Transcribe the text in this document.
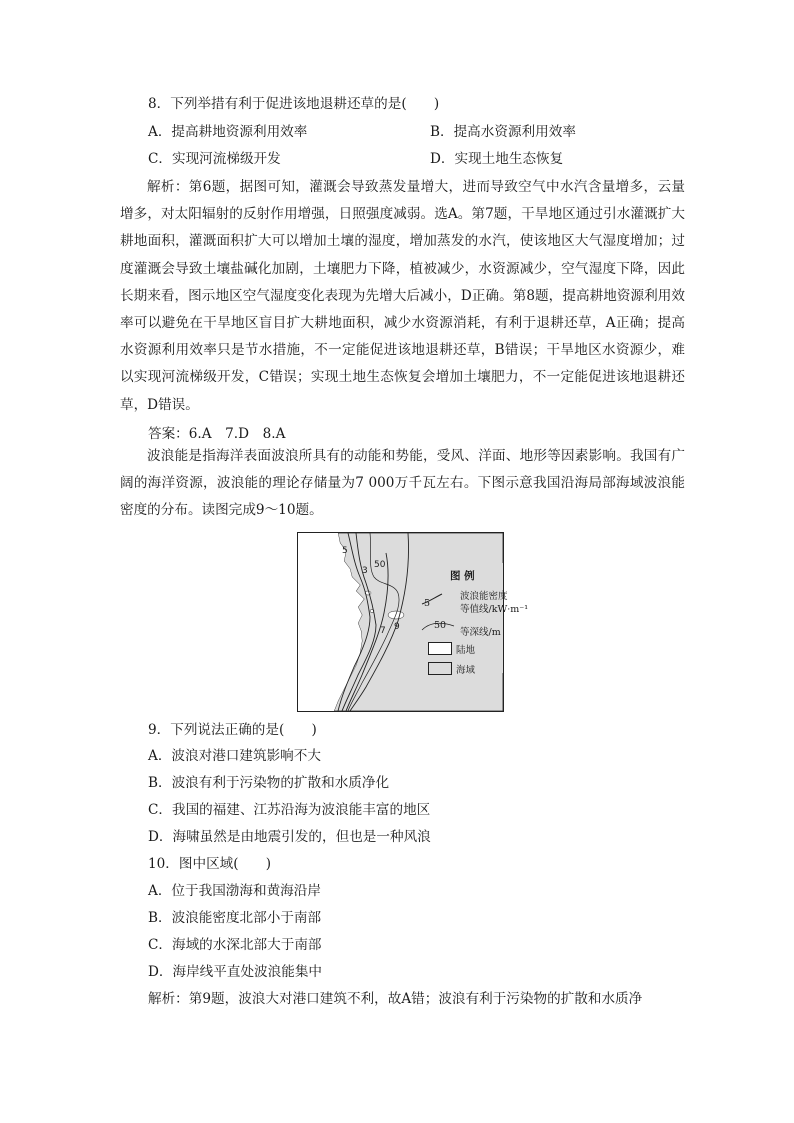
8．下列举措有利于促进该地退耕还草的是(　　)
A．提高耕地资源利用效率	B．提高水资源利用效率
C．实现河流梯级开发	D．实现土地生态恢复
解析：第6题，据图可知，灌溉会导致蒸发量增大，进而导致空气中水汽含量增多，云量增多，对太阳辐射的反射作用增强，日照强度减弱。选A。第7题，干旱地区通过引水灌溉扩大耕地面积，灌溉面积扩大可以增加土壤的湿度，增加蒸发的水汽，使该地区大气湿度增加；过度灌溉会导致土壤盐碱化加剧，土壤肥力下降，植被减少，水资源减少，空气湿度下降，因此长期来看，图示地区空气湿度变化表现为先增大后减小，D正确。第8题，提高耕地资源利用效率可以避免在干旱地区盲目扩大耕地面积，减少水资源消耗，有利于退耕还草，A正确；提高水资源利用效率只是节水措施，不一定能促进该地退耕还草，B错误；干旱地区水资源少，难以实现河流梯级开发，C错误；实现土地生态恢复会增加土壤肥力，不一定能促进该地退耕还草，D错误。
答案：6.A　7.D　8.A
波浪能是指海洋表面波浪所具有的动能和势能，受风、洋面、地形等因素影响。我国有广阔的海洋资源，波浪能的理论存储量为7 000万千瓦左右。下图示意我国沿海局部海域波浪能密度的分布。读图完成9～10题。
5
3
50
7 9
图 例
5
波浪能密度
等值线/kW·m⁻¹
50
等深线/m
陆地
海域
9．下列说法正确的是(　　)
A．波浪对港口建筑影响不大
B．波浪有利于污染物的扩散和水质净化
C．我国的福建、江苏沿海为波浪能丰富的地区
D．海啸虽然是由地震引发的，但也是一种风浪
10．图中区域(　　)
A．位于我国渤海和黄海沿岸
B．波浪能密度北部小于南部
C．海域的水深北部大于南部
D．海岸线平直处波浪能集中
解析：第9题，波浪大对港口建筑不利，故A错；波浪有利于污染物的扩散和水质净
